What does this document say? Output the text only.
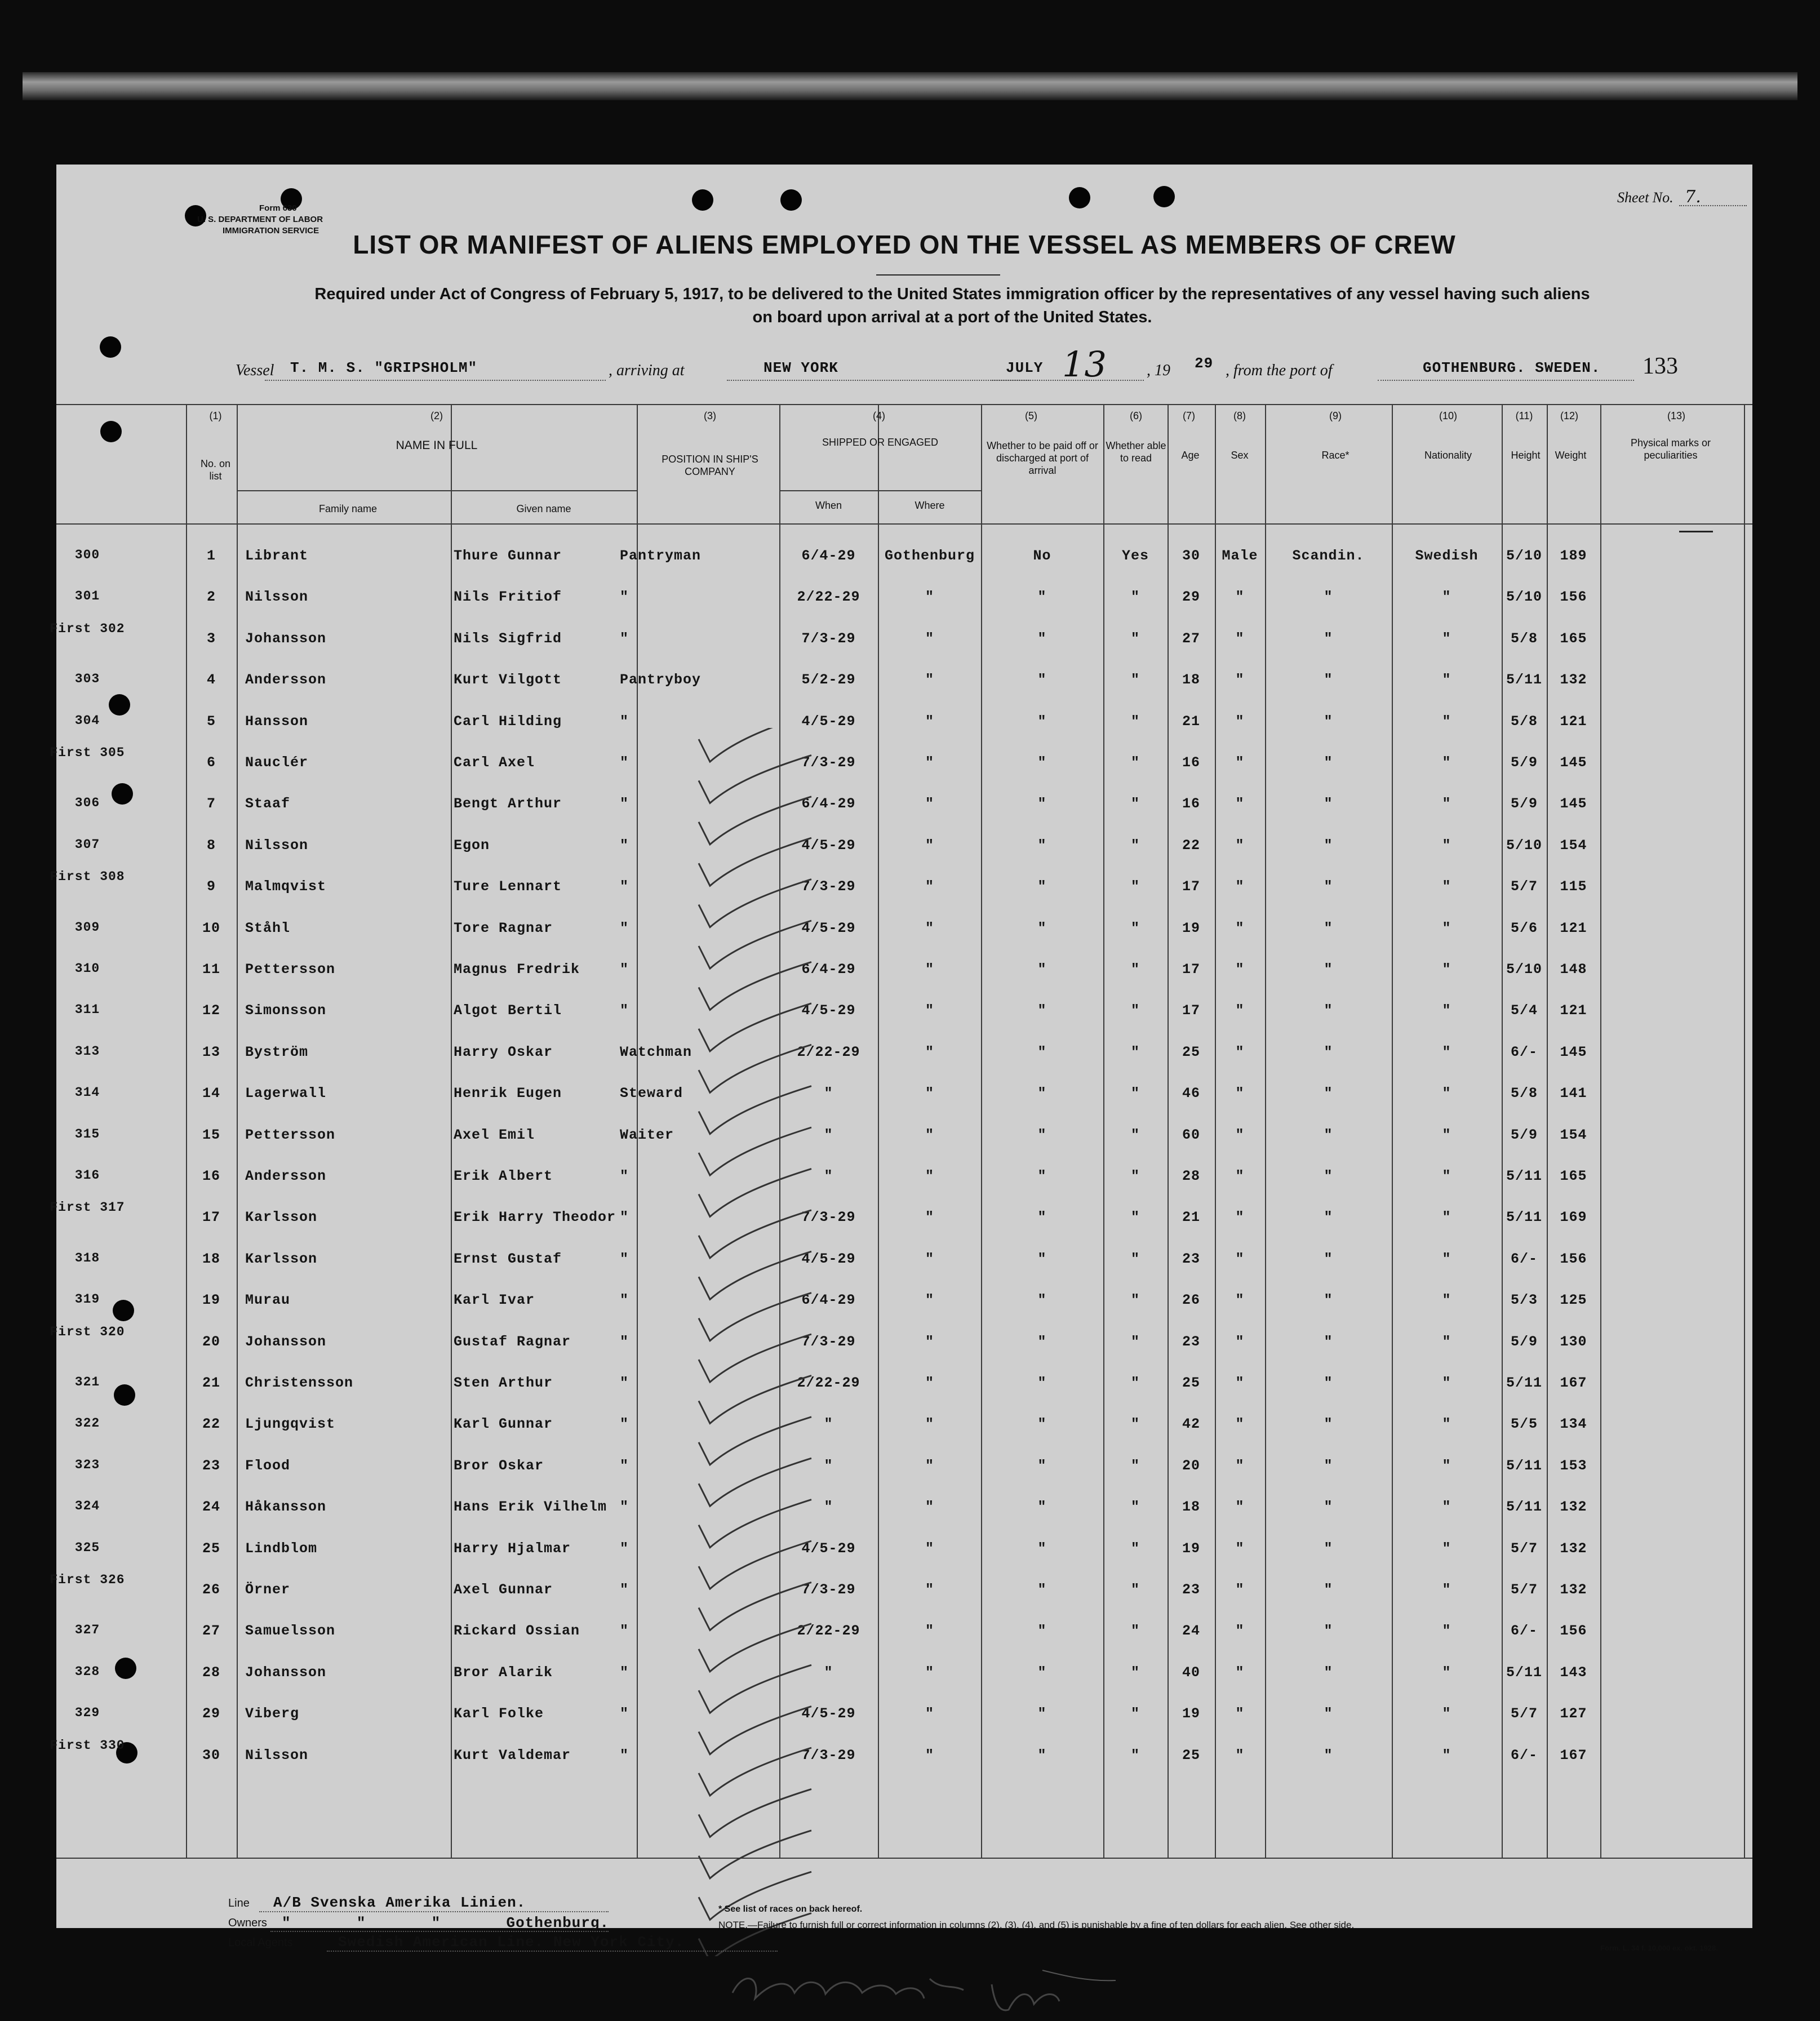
Form 630
U. S. DEPARTMENT OF LABOR
IMMIGRATION SERVICE
Sheet No. 7.
LIST OR MANIFEST OF ALIENS EMPLOYED ON THE VESSEL AS MEMBERS OF CREW
Required under Act of Congress of February 5, 1917, to be delivered to the United States immigration officer by the representatives of any vessel having such aliens
on board upon arrival at a port of the United States.
Vessel T. M. S. "GRIPSHOLM"	, arriving at	NEW YORK	JULY 13	, 19 29 , from the port of	GOTHENBURG. SWEDEN. 133
(1)	(2)	(3)	(4)	(5)	(6)	(7)	(8)	(9)	(10)	(11)	(12)	(13)
No. on list
NAME IN FULL
Family name	Given name
POSITION IN SHIP'S COMPANY
SHIPPED OR ENGAGED
When	Where
Whether to be paid off or discharged at port of arrival
Whether able to read	Age	Sex	Race*	Nationality	Height	Weight
Physical marks or peculiarities
300	1	Librant	Thure Gunnar	Pantryman	6/4-29	Gothenburg	No	Yes	30	Male	Scandin.	Swedish	5/10	189
301	2	Nilsson	Nils Fritiof	"	2/22-29	"	"	"	29	"	"	"	5/10	156
First 302
3	Johansson	Nils Sigfrid	"	7/3-29	"	"	"	27	"	"	"	5/8	165
303	4	Andersson	Kurt Vilgott	Pantryboy	5/2-29	"	"	"	18	"	"	"	5/11	132
304	5	Hansson	Carl Hilding	"	4/5-29	"	"	"	21	"	"	"	5/8	121
First 305
6	Nauclér	Carl Axel	"	7/3-29	"	"	"	16	"	"	"	5/9	145
306	7	Staaf	Bengt Arthur	"	6/4-29	"	"	"	16	"	"	"	5/9	145
307	8	Nilsson	Egon	"	4/5-29	"	"	"	22	"	"	"	5/10	154
First 308
9	Malmqvist	Ture Lennart	"	7/3-29	"	"	"	17	"	"	"	5/7	115
309	10	Ståhl	Tore Ragnar	"	4/5-29	"	"	"	19	"	"	"	5/6	121
310	11	Pettersson	Magnus Fredrik	"	6/4-29	"	"	"	17	"	"	"	5/10	148
311	12	Simonsson	Algot Bertil	"	4/5-29	"	"	"	17	"	"	"	5/4	121
313	13	Byström	Harry Oskar	Watchman	2/22-29	"	"	"	25	"	"	"	6/-	145
314	14	Lagerwall	Henrik Eugen	Steward	"	"	"	"	46	"	"	"	5/8	141
315	15	Pettersson	Axel Emil	Waiter	"	"	"	"	60	"	"	"	5/9	154
316	16	Andersson	Erik Albert	"	"	"	"	"	28	"	"	"	5/11	165
First 317
17	Karlsson	Erik Harry Theodor "	7/3-29	"	"	"	21	"	"	"	5/11	169
318	18	Karlsson	Ernst Gustaf	"	4/5-29	"	"	"	23	"	"	"	6/-	156
319	19	Murau	Karl Ivar	"	6/4-29	"	"	"	26	"	"	"	5/3	125
First 320
20	Johansson	Gustaf Ragnar	"	7/3-29	"	"	"	23	"	"	"	5/9	130
321	21	Christensson	Sten Arthur	"	2/22-29	"	"	"	25	"	"	"	5/11	167
322	22	Ljungqvist	Karl Gunnar	"	"	"	"	"	42	"	"	"	5/5	134
323	23	Flood	Bror Oskar	"	"	"	"	"	20	"	"	"	5/11	153
324	24	Håkansson	Hans Erik Vilhelm "	"	"	"	"	18	"	"	"	5/11	132
325	25	Lindblom	Harry Hjalmar	"	4/5-29	"	"	"	19	"	"	"	5/7	132
First 326
26	Örner	Axel Gunnar	"	7/3-29	"	"	"	23	"	"	"	5/7	132
327	27	Samuelsson	Rickard Ossian	"	2/22-29	"	"	"	24	"	"	"	6/-	156
328	28	Johansson	Bror Alarik	"	"	"	"	"	40	"	"	"	5/11	143
329	29	Viberg	Karl Folke	"	4/5-29	"	"	"	19	"	"	"	5/7	127
First 330
30	Nilsson	Kurt Valdemar	"	7/3-29	"	"	"	25	"	"	"	6/-	167
Line A/B Svenska Amerika Linien.
Owners "       "       "       Gothenburg.
Local Agents	Swedish American Line. New York City.
* See list of races on back hereof.
NOTE.—Failure to furnish full or correct information in columns (2), (3), (4), and (5) is punishable by a fine of ten dollars for each alien. See other side.
Form. L. 34 f. 10,000 ex. okt. 1928.
